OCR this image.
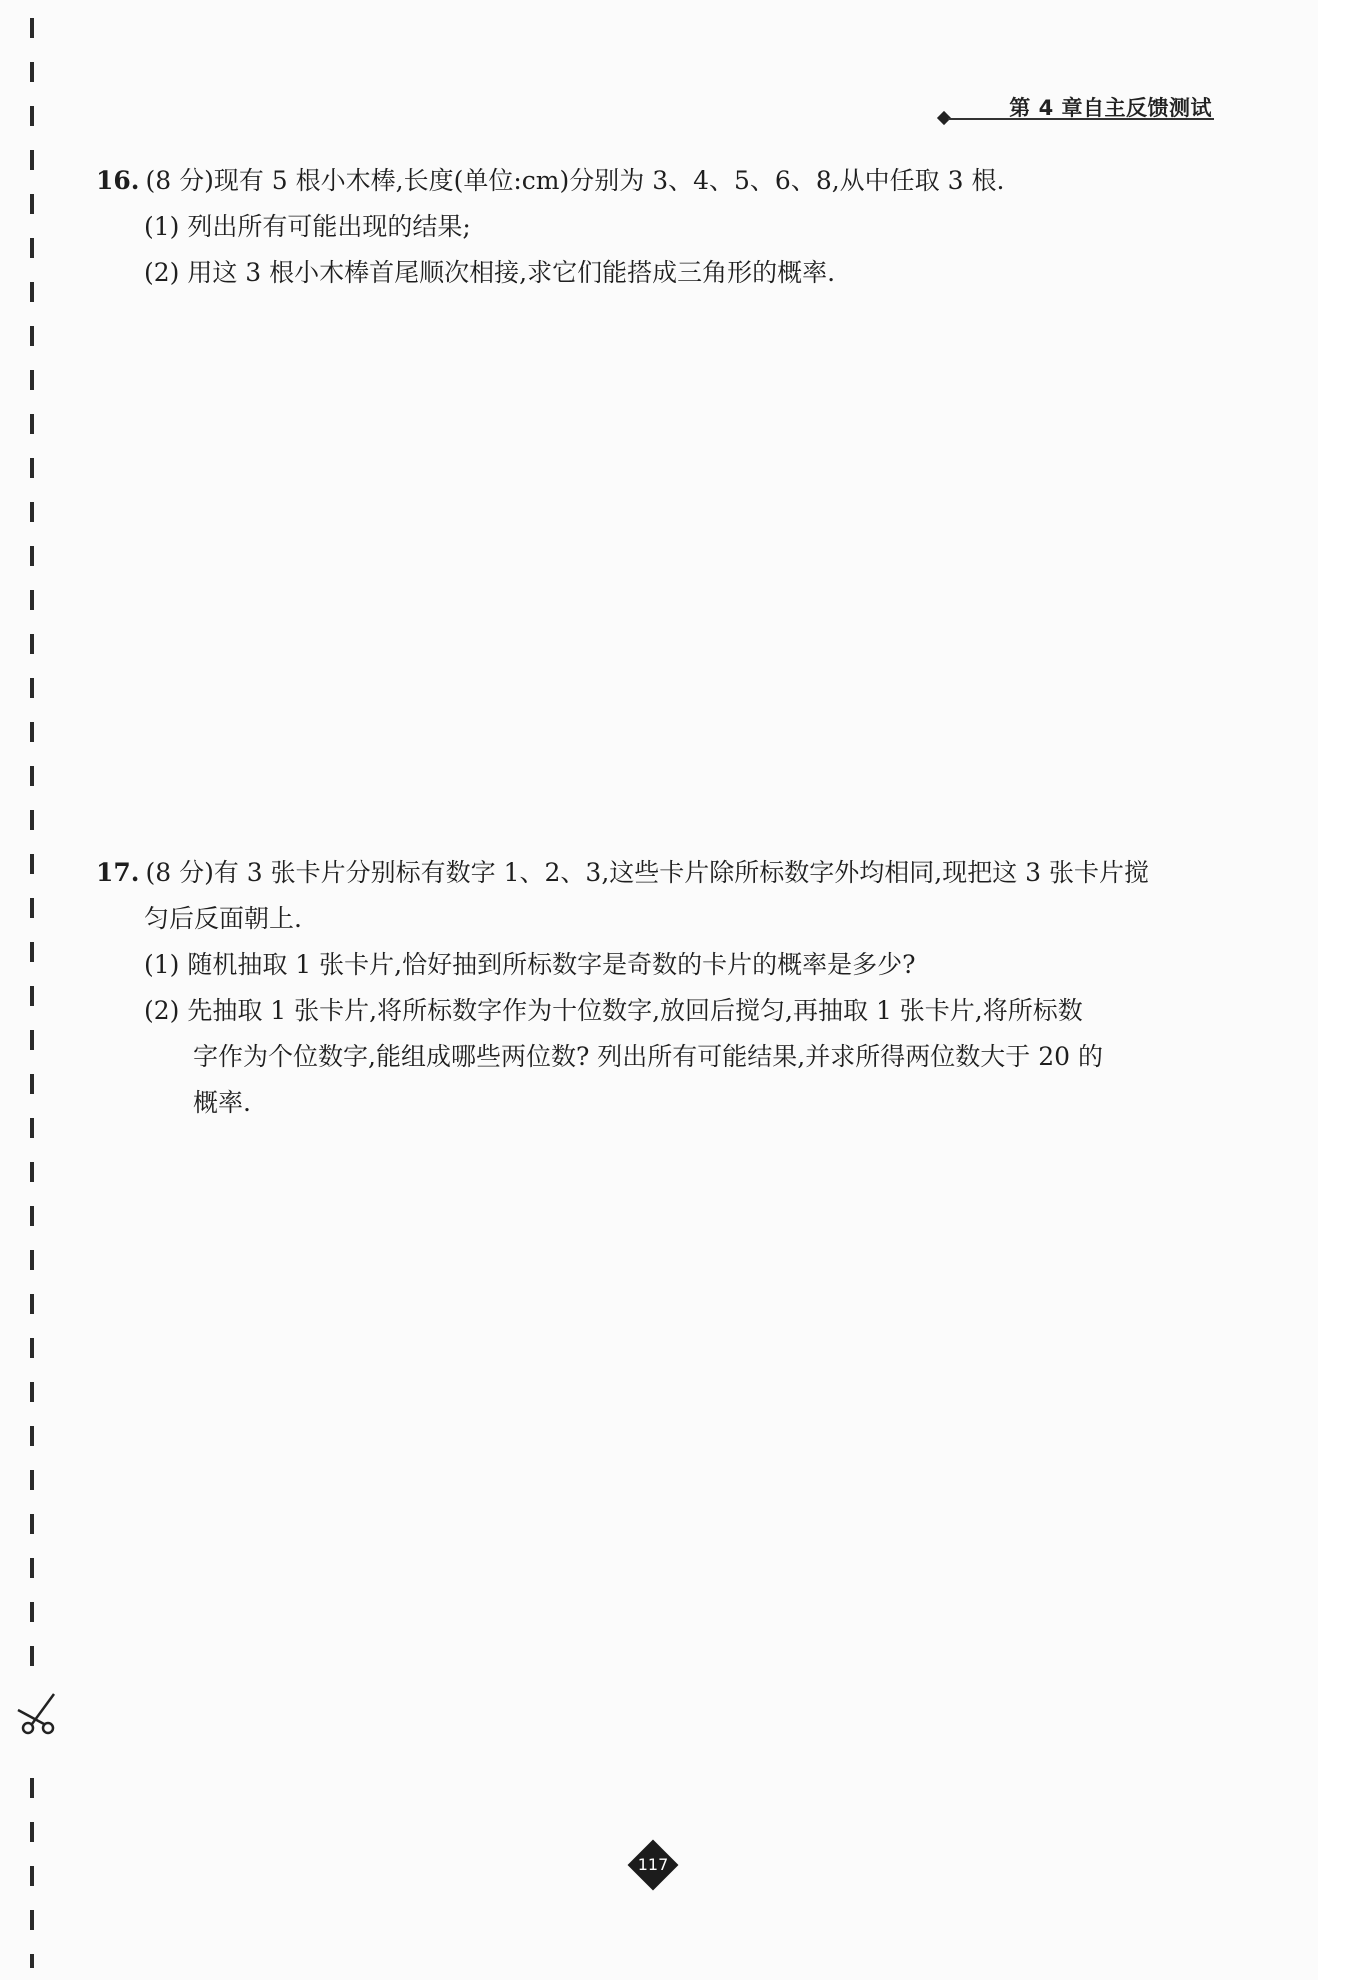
第 4 章自主反馈测试

16. (8 分)现有 5 根小木棒,长度(单位:cm)分别为 3、4、5、6、8,从中任取 3 根.

(1) 列出所有可能出现的结果;

(2) 用这 3 根小木棒首尾顺次相接,求它们能搭成三角形的概率.

17. (8 分)有 3 张卡片分别标有数字 1、2、3,这些卡片除所标数字外均相同,现把这 3 张卡片搅

匀后反面朝上.

(1) 随机抽取 1 张卡片,恰好抽到所标数字是奇数的卡片的概率是多少?

(2) 先抽取 1 张卡片,将所标数字作为十位数字,放回后搅匀,再抽取 1 张卡片,将所标数

字作为个位数字,能组成哪些两位数? 列出所有可能结果,并求所得两位数大于 20 的

概率.

117
